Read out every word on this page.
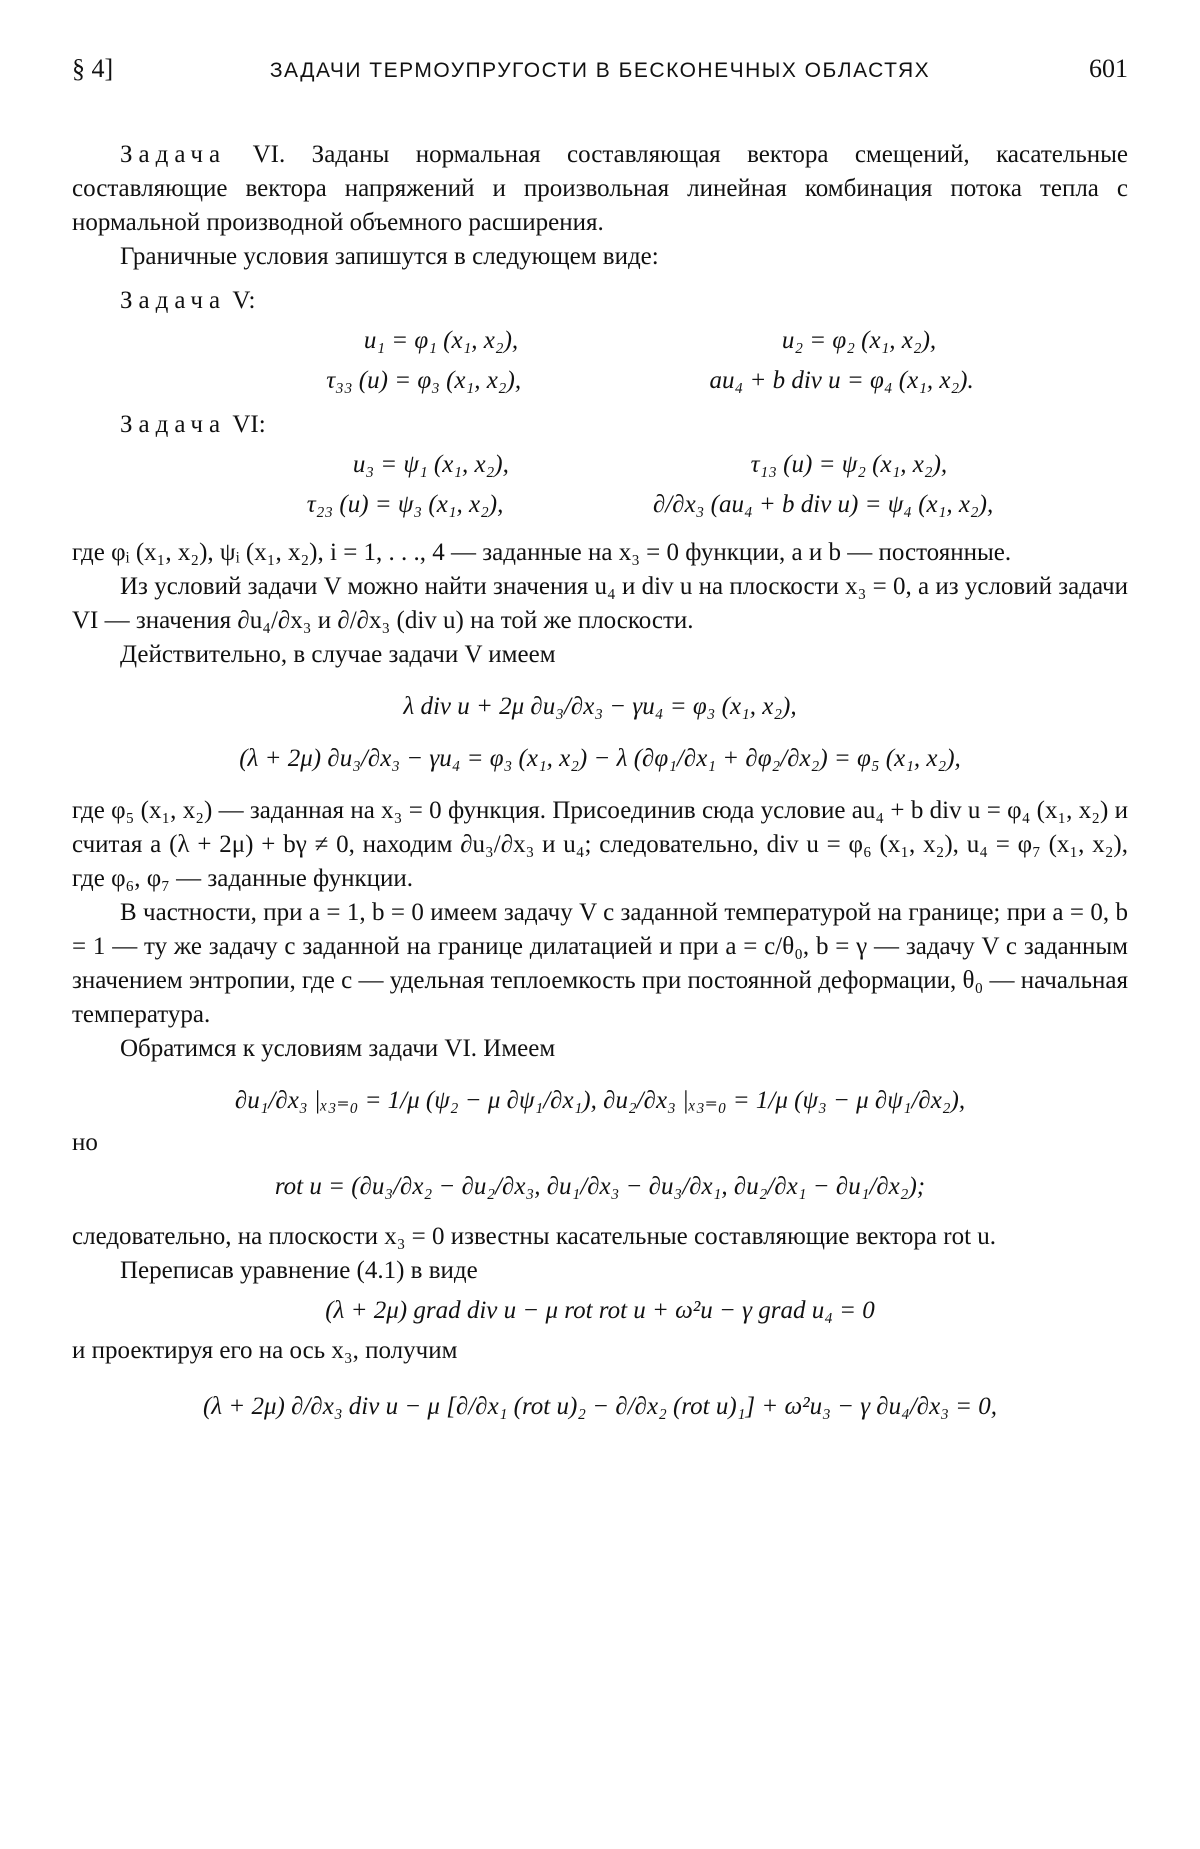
§ 4]	ЗАДАЧИ ТЕРМОУПРУГОСТИ В БЕСКОНЕЧНЫХ ОБЛАСТЯХ	601

Задача VI. Заданы нормальная составляющая вектора смещений, касательные составляющие вектора напряжений и произвольная линейная комбинация потока тепла с нормальной производной объемного расширения.

Граничные условия запишутся в следующем виде:

Задача V:

u₁ = φ₁ (x₁, x₂),	u₂ = φ₂ (x₁, x₂),
τ₃₃ (u) = φ₃ (x₁, x₂),	au₄ + b div u = φ₄ (x₁, x₂).

Задача VI:

u₃ = ψ₁ (x₁, x₂),	τ₁₃ (u) = ψ₂ (x₁, x₂),
τ₂₃ (u) = ψ₃ (x₁, x₂),	∂/∂x₃ (au₄ + b div u) = ψ₄ (x₁, x₂),

где φᵢ (x₁, x₂), ψᵢ (x₁, x₂), i = 1, . . ., 4 — заданные на x₃ = 0 функции, a и b — постоянные.

Из условий задачи V можно найти значения u₄ и div u на плоскости x₃ = 0, а из условий задачи VI — значения ∂u₄/∂x₃ и ∂/∂x₃ (div u) на той же плоскости.

Действительно, в случае задачи V имеем

λ div u + 2μ ∂u₃/∂x₃ − γu₄ = φ₃ (x₁, x₂),
(λ + 2μ) ∂u₃/∂x₃ − γu₄ = φ₃ (x₁, x₂) − λ (∂φ₁/∂x₁ + ∂φ₂/∂x₂) = φ₅ (x₁, x₂),

где φ₅ (x₁, x₂) — заданная на x₃ = 0 функция. Присоединив сюда условие au₄ + b div u = φ₄ (x₁, x₂) и считая a (λ + 2μ) + bγ ≠ 0, находим ∂u₃/∂x₃ и u₄; следовательно, div u = φ₆ (x₁, x₂), u₄ = φ₇ (x₁, x₂), где φ₆, φ₇ — заданные функции.

В частности, при a = 1, b = 0 имеем задачу V с заданной температурой на границе; при a = 0, b = 1 — ту же задачу с заданной на границе дилатацией и при a = c/θ₀, b = γ — задачу V с заданным значением энтропии, где c — удельная теплоемкость при постоянной деформации, θ₀ — начальная температура.

Обратимся к условиям задачи VI. Имеем

∂u₁/∂x₃ |ₓ₃₌₀ = 1/μ (ψ₂ − μ ∂ψ₁/∂x₁), ∂u₂/∂x₃ |ₓ₃₌₀ = 1/μ (ψ₃ − μ ∂ψ₁/∂x₂),

но

rot u = (∂u₃/∂x₂ − ∂u₂/∂x₃, ∂u₁/∂x₃ − ∂u₃/∂x₁, ∂u₂/∂x₁ − ∂u₁/∂x₂);

следовательно, на плоскости x₃ = 0 известны касательные составляющие вектора rot u.

Переписав уравнение (4.1) в виде

(λ + 2μ) grad div u − μ rot rot u + ω²u − γ grad u₄ = 0

и проектируя его на ось x₃, получим

(λ + 2μ) ∂/∂x₃ div u − μ [∂/∂x₁ (rot u)₂ − ∂/∂x₂ (rot u)₁] + ω²u₃ − γ ∂u₄/∂x₃ = 0,
